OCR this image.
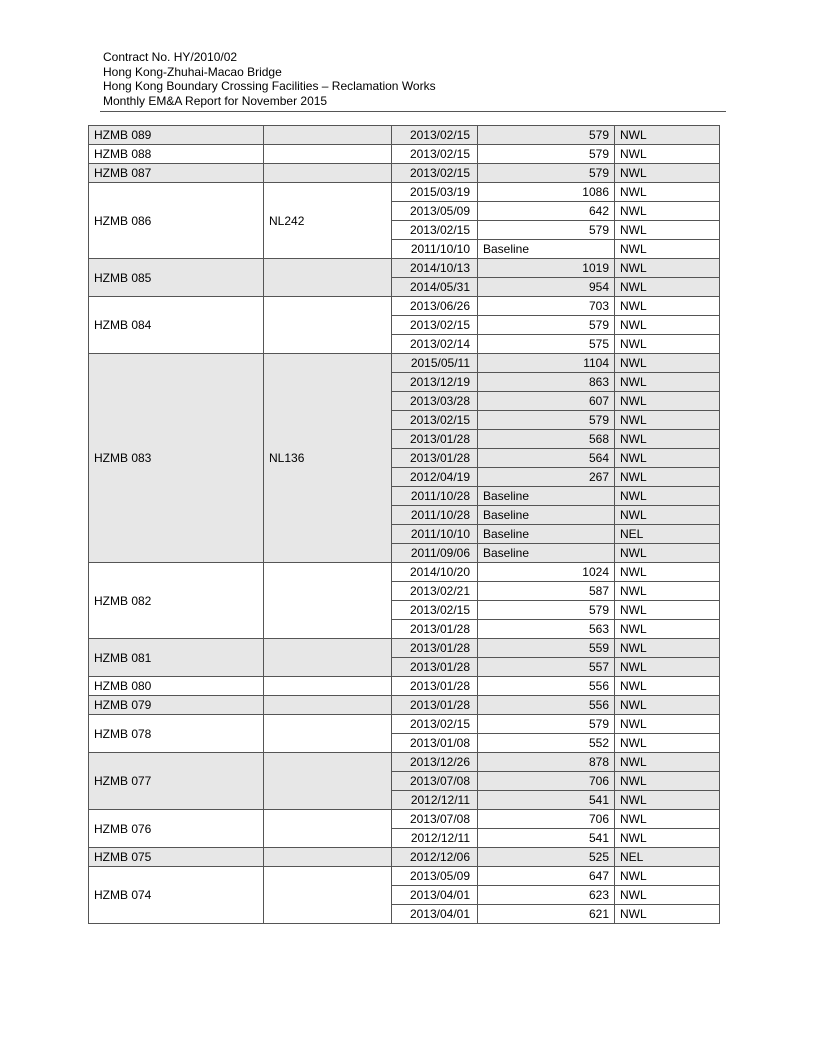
Contract No. HY/2010/02
Hong Kong-Zhuhai-Macao Bridge
Hong Kong Boundary Crossing Facilities – Reclamation Works
Monthly EM&A Report for November 2015
HZMB 089		2013/02/15	579	NWL
HZMB 088		2013/02/15	579	NWL
HZMB 087		2013/02/15	579	NWL
HZMB 086	NL242	2015/03/19	1086	NWL
		2013/05/09	642	NWL
		2013/02/15	579	NWL
		2011/10/10	Baseline	NWL
HZMB 085		2014/10/13	1019	NWL
		2014/05/31	954	NWL
HZMB 084		2013/06/26	703	NWL
		2013/02/15	579	NWL
		2013/02/14	575	NWL
HZMB 083	NL136	2015/05/11	1104	NWL
		2013/12/19	863	NWL
		2013/03/28	607	NWL
		2013/02/15	579	NWL
		2013/01/28	568	NWL
		2013/01/28	564	NWL
		2012/04/19	267	NWL
		2011/10/28	Baseline	NWL
		2011/10/28	Baseline	NWL
		2011/10/10	Baseline	NEL
		2011/09/06	Baseline	NWL
HZMB 082		2014/10/20	1024	NWL
		2013/02/21	587	NWL
		2013/02/15	579	NWL
		2013/01/28	563	NWL
HZMB 081		2013/01/28	559	NWL
		2013/01/28	557	NWL
HZMB 080		2013/01/28	556	NWL
HZMB 079		2013/01/28	556	NWL
HZMB 078		2013/02/15	579	NWL
		2013/01/08	552	NWL
HZMB 077		2013/12/26	878	NWL
		2013/07/08	706	NWL
		2012/12/11	541	NWL
HZMB 076		2013/07/08	706	NWL
		2012/12/11	541	NWL
HZMB 075		2012/12/06	525	NEL
HZMB 074		2013/05/09	647	NWL
		2013/04/01	623	NWL
		2013/04/01	621	NWL
